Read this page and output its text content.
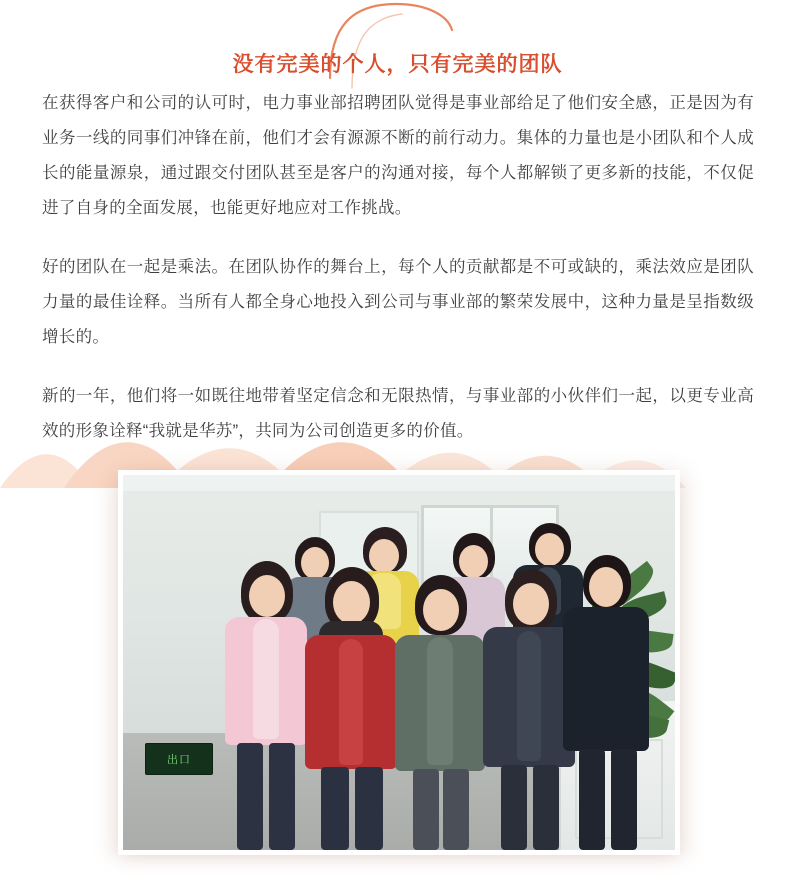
没有完美的个人，只有完美的团队

在获得客户和公司的认可时，电力事业部招聘团队觉得是事业部给足了他们安全感，正是因为有业务一线的同事们冲锋在前，他们才会有源源不断的前行动力。集体的力量也是小团队和个人成长的能量源泉，通过跟交付团队甚至是客户的沟通对接，每个人都解锁了更多新的技能，不仅促进了自身的全面发展，也能更好地应对工作挑战。

好的团队在一起是乘法。在团队协作的舞台上，每个人的贡献都是不可或缺的，乘法效应是团队力量的最佳诠释。当所有人都全身心地投入到公司与事业部的繁荣发展中，这种力量是呈指数级增长的。

新的一年，他们将一如既往地带着坚定信念和无限热情，与事业部的小伙伴们一起，以更专业高效的形象诠释“我就是华苏”，共同为公司创造更多的价值。

出口
